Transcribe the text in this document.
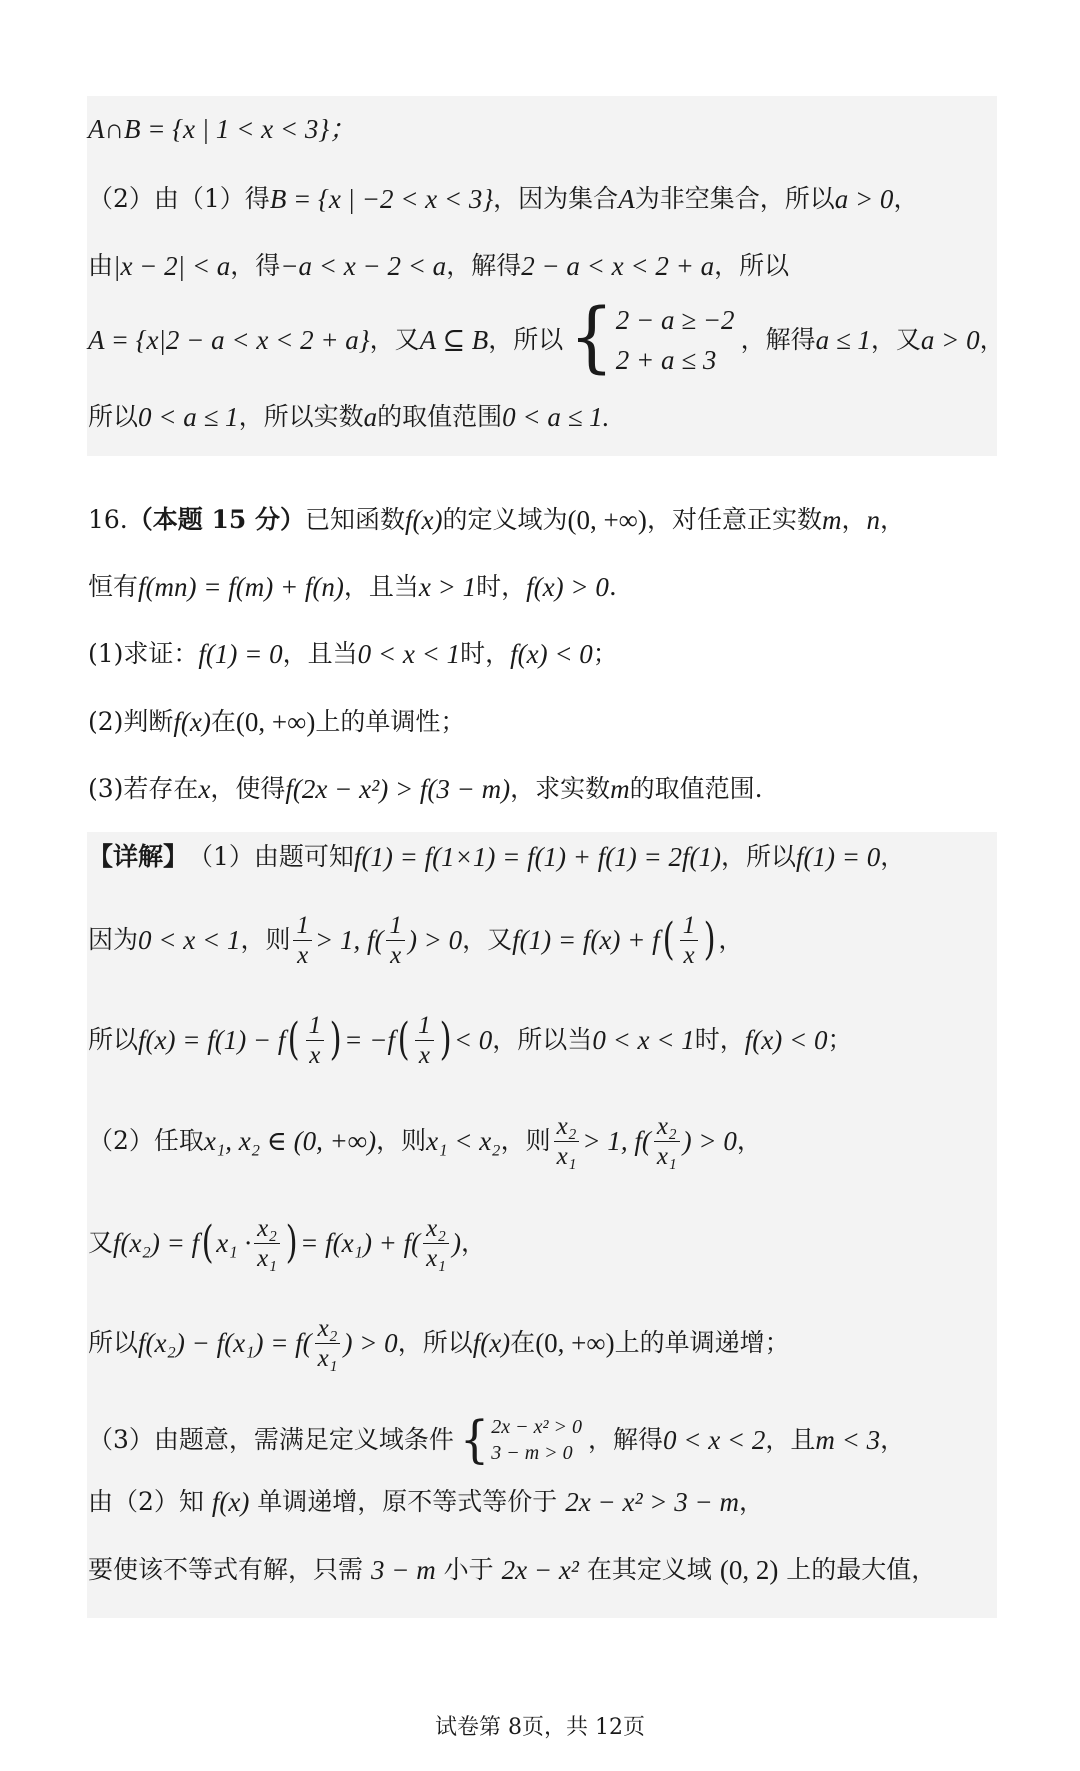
A∩B = {x | 1 < x < 3}；
（2）由（1）得 B = {x | −2 < x < 3} ，因为集合 A 为非空集合，所以 a > 0 ，
由 |x − 2| < a ，得 −a < x − 2 < a ，解得 2 − a < x < 2 + a ，所以
A = {x|2 − a < x < 2 + a} ，又 A ⊆ B ，所以 { 2 − a ≥ −2
2 + a ≤ 3
，解得 a ≤ 1 ，又 a > 0 ，
所以 0 < a ≤ 1 ，所以实数 a 的取值范围 0 < a ≤ 1.
16. （本题 15 分） 已知函数 f(x) 的定义域为 (0, +∞) ，对任意正实数 m ， n ，
恒有 f(mn) = f(m) + f(n) ，且当 x > 1 时， f(x) > 0 .
(1)求证： f(1) = 0 ，且当 0 < x < 1 时， f(x) < 0 ；
(2)判断 f(x) 在 (0, +∞) 上的单调性；
(3)若存在 x ，使得 f(2x − x²) > f(3 − m) ，求实数 m 的取值范围.
【详解】 （1）由题可知 f(1) = f(1×1) = f(1) + f(1) = 2f(1) ，所以 f(1) = 0 ，
因为 0 < x < 1 ，则 $\frac{1}{x} > 1$, $f( \frac{1}{x}$ ) > 0 ，又 f(1) = f(x) + f ( $\frac{1}{x}$ ) ，
所以 f(x) = f(1) − f ( $\frac{1}{x}$ ) = −f ( $\frac{1}{x}$ ) < 0 ，所以当 0 < x < 1 时， f(x) < 0 ；
（2）任取 x₁, x₂ ∈ (0, +∞) ，则 x₁ < x₂ ，则 $\frac{\text{x₂}}{\text{x₁}} > 1$, $f( \frac{\text{x₂}}{\text{x₁}}$ ) > 0 ，
又 f(x₂) = f ( $x_1 \cdot \frac{\text{x₂}}{\text{x₁}}$ ) = $f(x_1) + f( \frac{\text{x₂}}{\text{x₁}}$ ) ，
所以 $f(x_2) - f(x_1) = f( \frac{\text{x₂}}{\text{x₁}}$ ) > 0 ，所以 f(x) 在 (0, +∞) 上的单调递增；
（3）由题意，需满足定义域条件 { 2x − x² > 0
3 − m > 0 ，解得 0 < x < 2 ，且 m < 3 ，
由（2）知
f(x)
单调递增，原不等式等价于
2x − x² > 3 − m ，
要使该不等式有解，只需
3 − m
小于
2x − x²
在其定义域
(0, 2)
上的最大值，
试卷第 8页，共 12页
